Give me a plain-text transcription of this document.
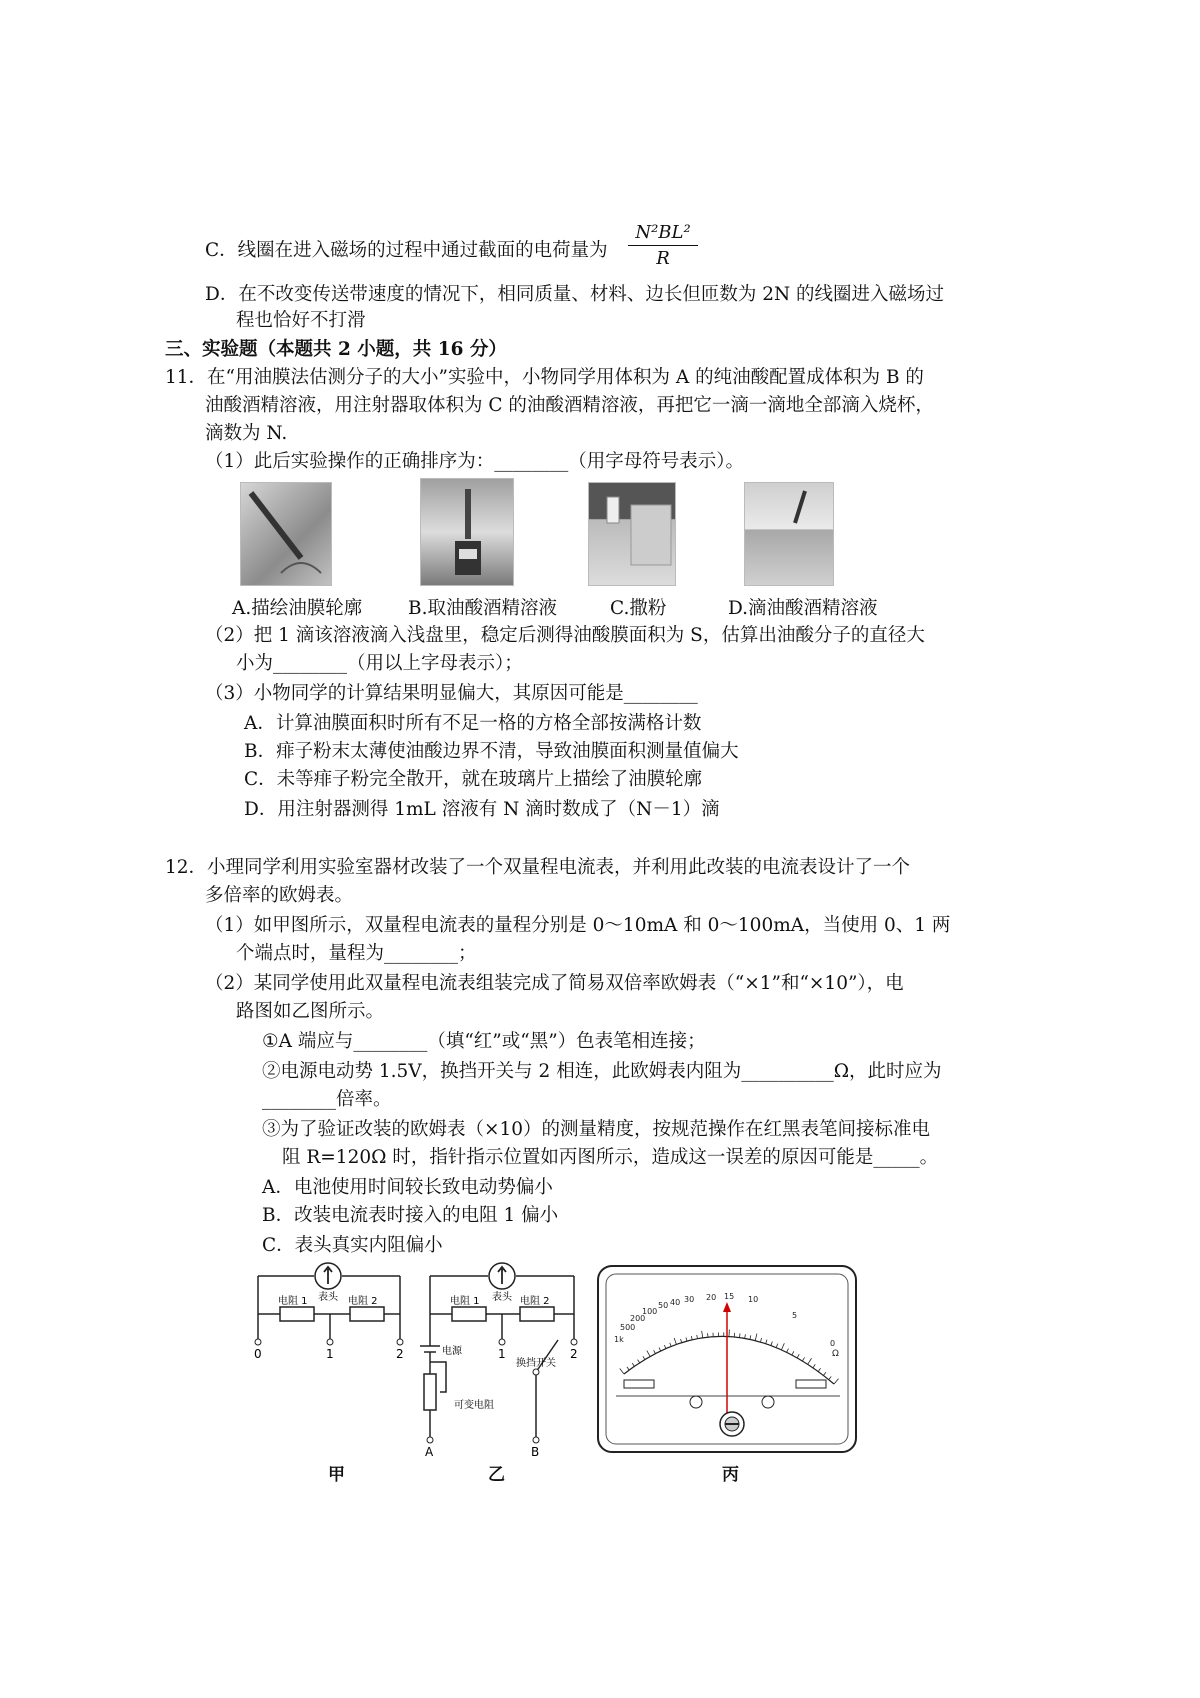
C．线圈在进入磁场的过程中通过截面的电荷量为
N²BL²
R
D．在不改变传送带速度的情况下，相同质量、材料、边长但匝数为 2N 的线圈进入磁场过
程也恰好不打滑
三、实验题（本题共 2 小题，共 16 分）
11．在“用油膜法估测分子的大小”实验中，小物同学用体积为 A 的纯油酸配置成体积为 B 的
油酸酒精溶液，用注射器取体积为 C 的油酸酒精溶液，再把它一滴一滴地全部滴入烧杯，
滴数为 N.
（1）此后实验操作的正确排序为：________（用字母符号表示）。
A.描绘油膜轮廓 B.取油酸酒精溶液	C.撒粉	D.滴油酸酒精溶液
（2）把 1 滴该溶液滴入浅盘里，稳定后测得油酸膜面积为 S，估算出油酸分子的直径大
小为________（用以上字母表示）；
（3）小物同学的计算结果明显偏大，其原因可能是________
A．计算油膜面积时所有不足一格的方格全部按满格计数
B．痱子粉末太薄使油酸边界不清，导致油膜面积测量值偏大
C．未等痱子粉完全散开，就在玻璃片上描绘了油膜轮廓
D．用注射器测得 1mL 溶液有 N 滴时数成了（N－1）滴
12．小理同学利用实验室器材改装了一个双量程电流表，并利用此改装的电流表设计了一个
多倍率的欧姆表。
（1）如甲图所示，双量程电流表的量程分别是 0～10mA 和 0～100mA，当使用 0、1 两
个端点时，量程为________；
（2）某同学使用此双量程电流表组装完成了简易双倍率欧姆表（“×1”和“×10”），电
路图如乙图所示。
①A 端应与________（填“红”或“黑”）色表笔相连接；
②电源电动势 1.5V，换挡开关与 2 相连，此欧姆表内阻为__________Ω，此时应为
________倍率。
③为了验证改装的欧姆表（×10）的测量精度，按规范操作在红黑表笔间接标准电
阻 R=120Ω 时，指针指示位置如丙图所示，造成这一误差的原因可能是_____。
A．电池使用时间较长致电动势偏小
B．改装电流表时接入的电阻 1 偏小
C．表头真实内阻偏小
表头
电阻 1	电阻 2
0	1	2
甲
表头
电阻 1	电阻 2
1	2
电源
换挡开关
可变电阻
A	B
乙
1k
500
200
100
50 40 30 20 15 10
5
0
Ω
丙
